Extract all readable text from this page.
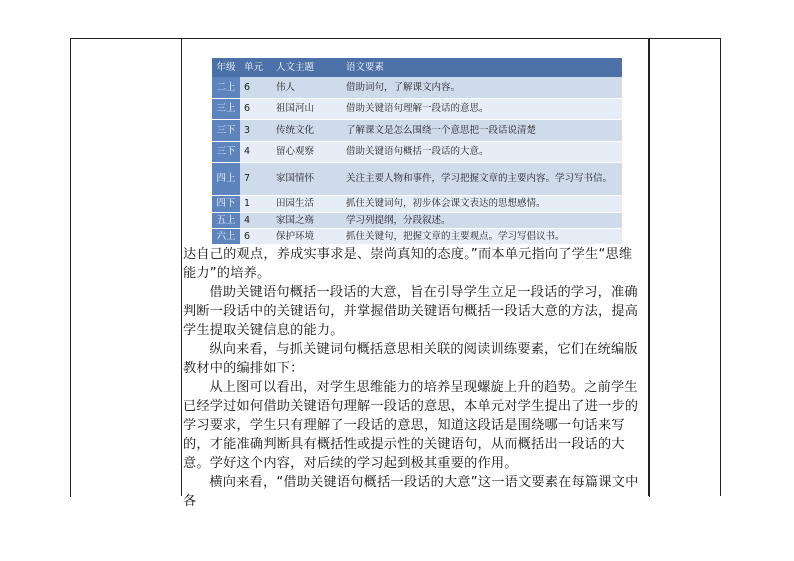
年级 单元	人文主题	语文要素
二上 6	伟人	借助词句，了解课文内容。
三上 6	祖国河山	借助关键语句理解一段话的意思。
三下 3	传统文化	了解课文是怎么围绕一个意思把一段话说清楚
三下 4	留心观察	借助关键语句概括一段话的大意。
四上 7	家国情怀	关注主要人物和事件，学习把握文章的主要内容。学习写书信。
四下 1	田园生活	抓住关键词句，初步体会课文表达的思想感情。
五上 4	家国之殇	学习列提纲，分段叙述。
六上 6	保护环境	抓住关键句，把握文章的主要观点。学习写倡议书。

达自己的观点，养成实事求是、崇尚真知的态度。”而本单元指向了学生“思维能力”的培养。

借助关键语句概括一段话的大意，旨在引导学生立足一段话的学习，准确判断一段话中的关键语句，并掌握借助关键语句概括一段话大意的方法，提高学生提取关键信息的能力。

纵向来看，与抓关键词句概括意思相关联的阅读训练要素，它们在统编版教材中的编排如下：

从上图可以看出，对学生思维能力的培养呈现螺旋上升的趋势。之前学生已经学过如何借助关键语句理解一段话的意思，本单元对学生提出了进一步的学习要求，学生只有理解了一段话的意思，知道这段话是围绕哪一句话来写的，才能准确判断具有概括性或提示性的关键语句，从而概括出一段话的大意。学好这个内容，对后续的学习起到极其重要的作用。

横向来看，“借助关键语句概括一段话的大意”这一语文要素在每篇课文中各
